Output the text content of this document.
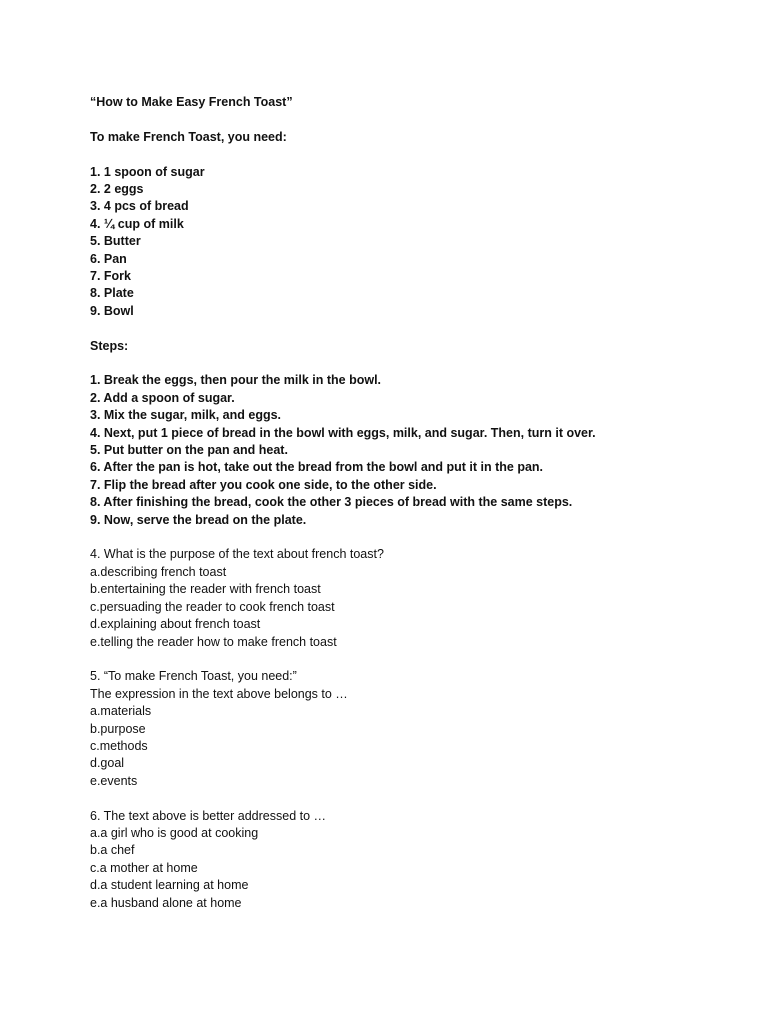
“How to Make Easy French Toast”
To make French Toast, you need:
1. 1 spoon of sugar
2. 2 eggs
3. 4 pcs of bread
4. ¼ cup of milk
5. Butter
6. Pan
7. Fork
8. Plate
9. Bowl
Steps:
1. Break the eggs, then pour the milk in the bowl.
2. Add a spoon of sugar.
3. Mix the sugar, milk, and eggs.
4. Next, put 1 piece of bread in the bowl with eggs, milk, and sugar. Then, turn it over.
5. Put butter on the pan and heat.
6. After the pan is hot, take out the bread from the bowl and put it in the pan.
7. Flip the bread after you cook one side, to the other side.
8. After finishing the bread, cook the other 3 pieces of bread with the same steps.
9. Now, serve the bread on the plate.
4. What is the purpose of the text about french toast?
a.describing french toast
b.entertaining the reader with french toast
c.persuading the reader to cook french toast
d.explaining about french toast
e.telling the reader how to make french toast
5. “To make French Toast, you need:”
The expression in the text above belongs to …
a.materials
b.purpose
c.methods
d.goal
e.events
6. The text above is better addressed to …
a.a girl who is good at cooking
b.a chef
c.a mother at home
d.a student learning at home
e.a husband alone at home
